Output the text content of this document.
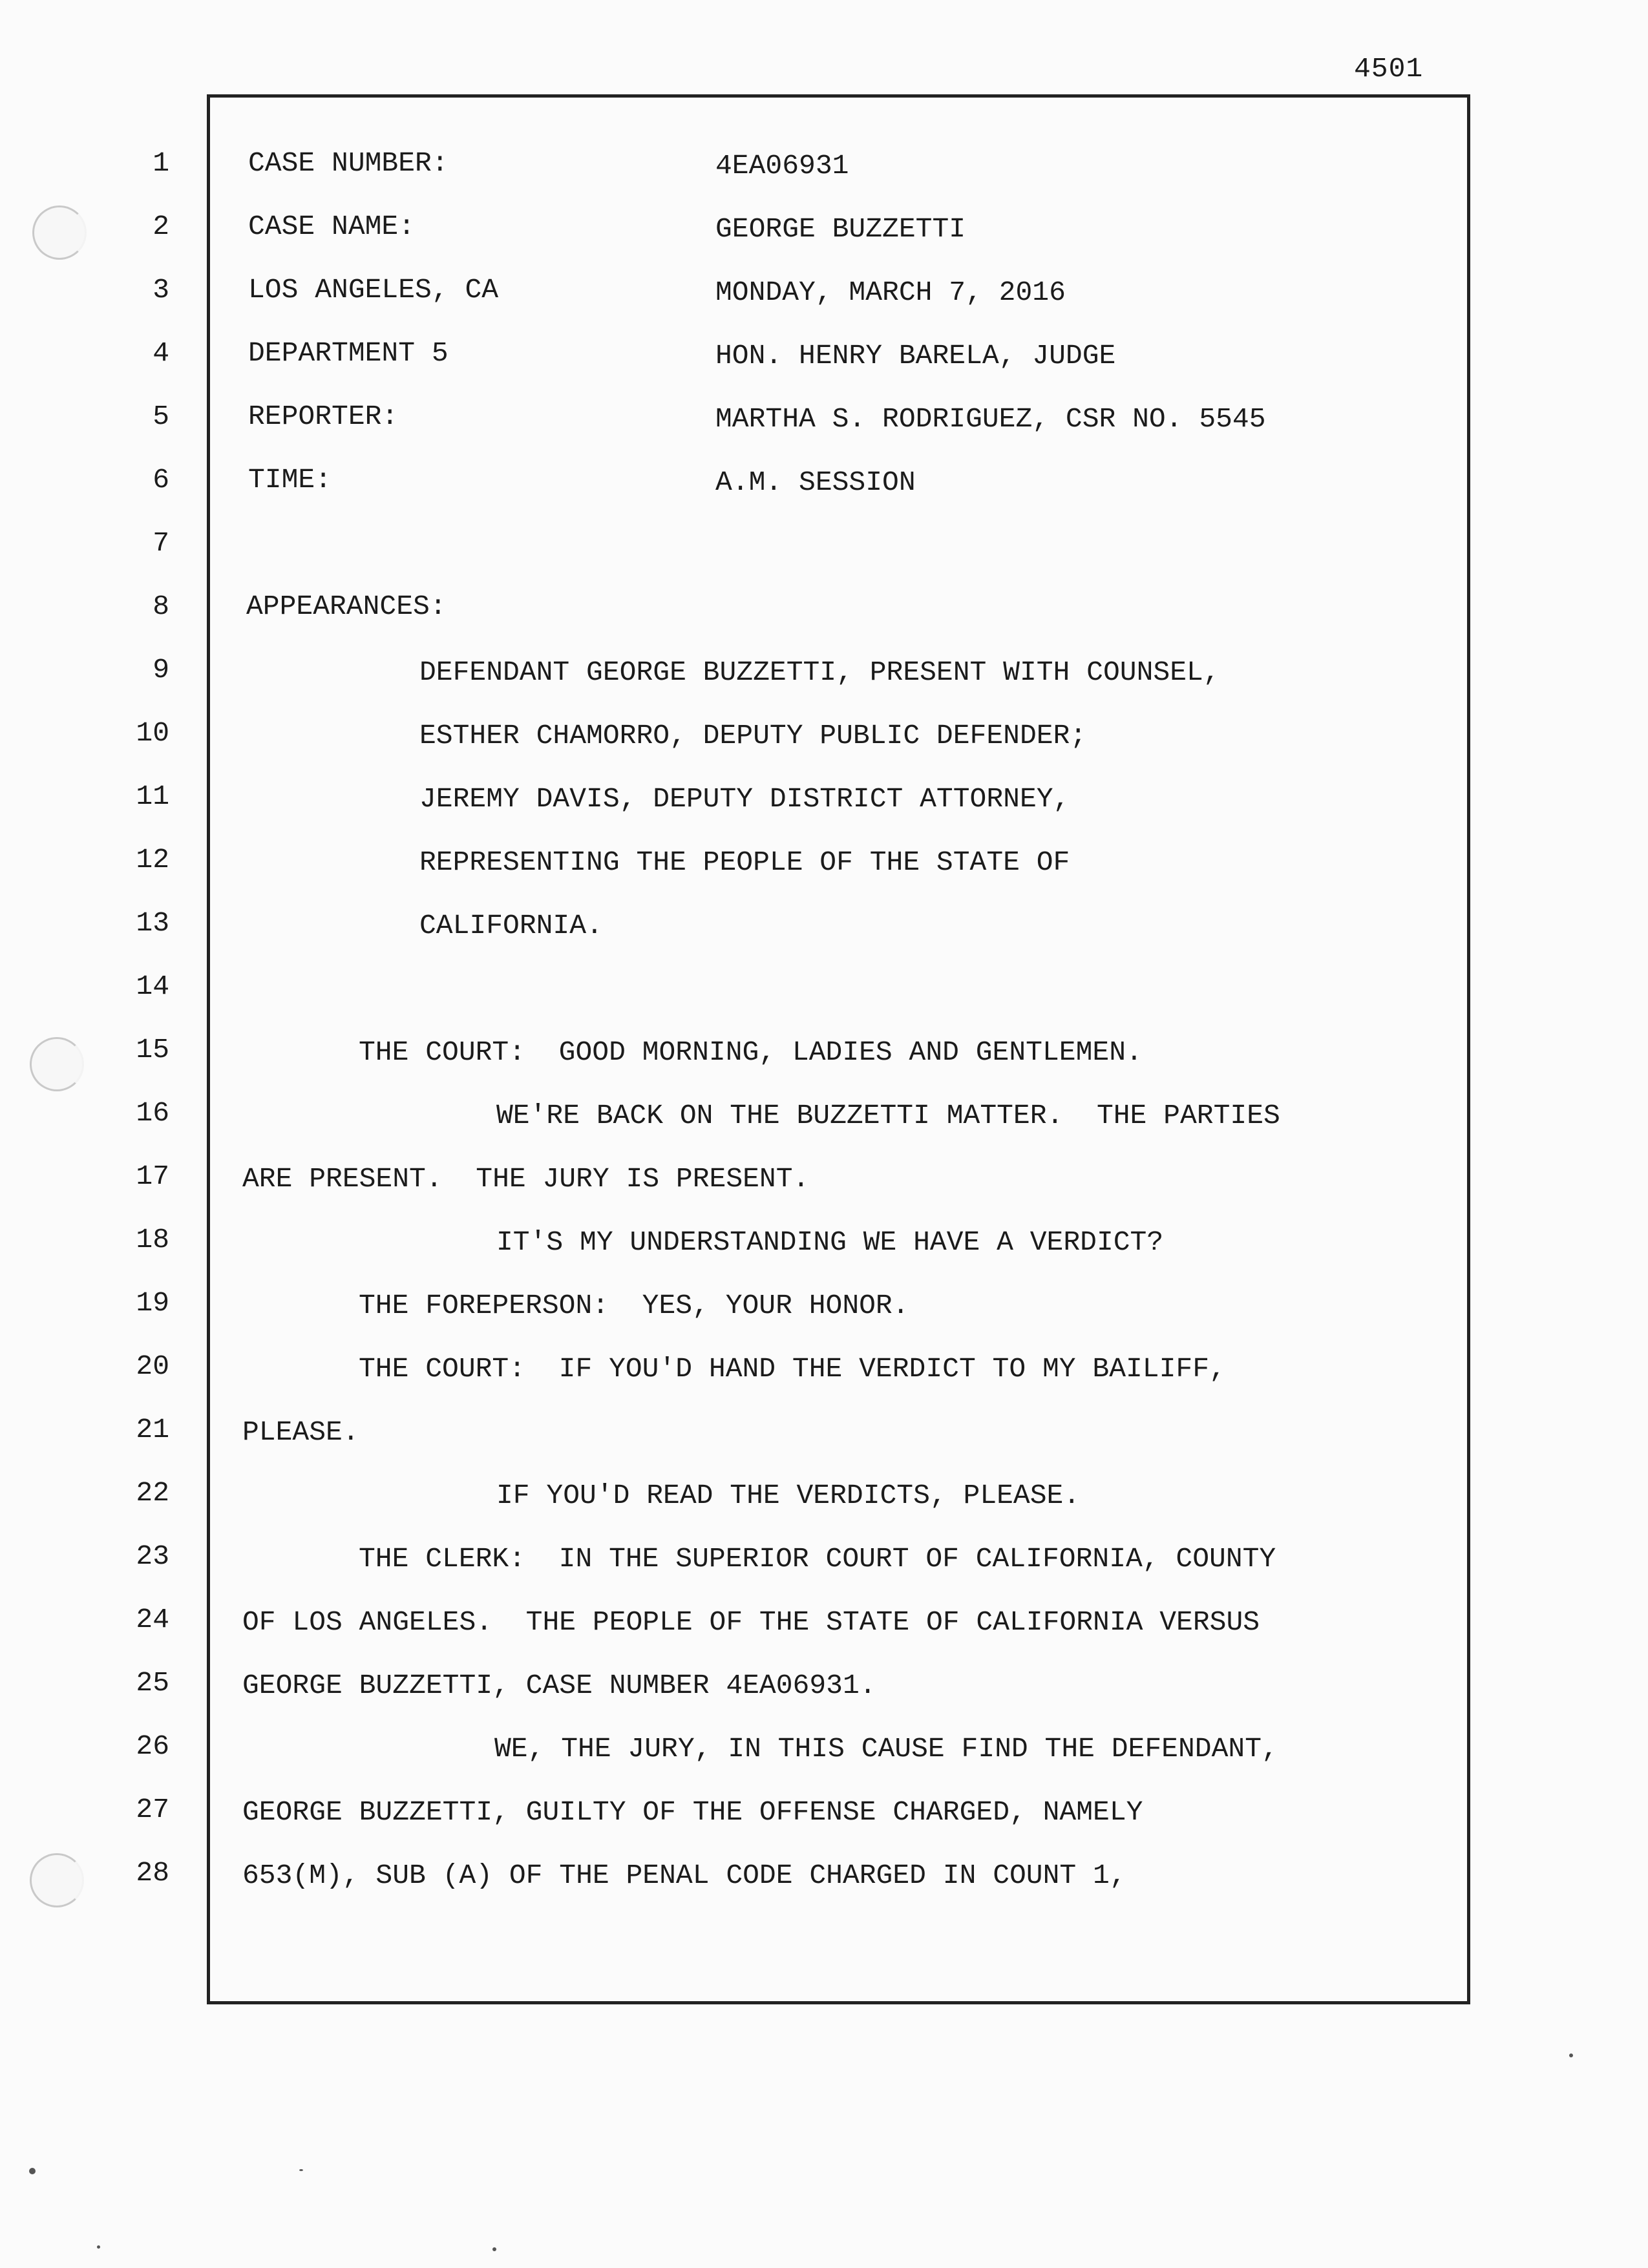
4501
1
2
3
4
5
6
7
8
9
10
11
12
13
14
15
16
17
18
19
20
21
22
23
24
25
26
27
28
CASE NUMBER:	4EA06931
CASE NAME:	GEORGE BUZZETTI
LOS ANGELES, CA	MONDAY, MARCH 7, 2016
DEPARTMENT 5	HON. HENRY BARELA, JUDGE
REPORTER:	MARTHA S. RODRIGUEZ, CSR NO. 5545
TIME:	A.M. SESSION
APPEARANCES:
DEFENDANT GEORGE BUZZETTI, PRESENT WITH COUNSEL,
ESTHER CHAMORRO, DEPUTY PUBLIC DEFENDER;
JEREMY DAVIS, DEPUTY DISTRICT ATTORNEY,
REPRESENTING THE PEOPLE OF THE STATE OF
CALIFORNIA.
THE COURT:  GOOD MORNING, LADIES AND GENTLEMEN.
WE'RE BACK ON THE BUZZETTI MATTER.  THE PARTIES
ARE PRESENT.  THE JURY IS PRESENT.
IT'S MY UNDERSTANDING WE HAVE A VERDICT?
THE FOREPERSON:  YES, YOUR HONOR.
THE COURT:  IF YOU'D HAND THE VERDICT TO MY BAILIFF,
PLEASE.
IF YOU'D READ THE VERDICTS, PLEASE.
THE CLERK:  IN THE SUPERIOR COURT OF CALIFORNIA, COUNTY
OF LOS ANGELES.  THE PEOPLE OF THE STATE OF CALIFORNIA VERSUS
GEORGE BUZZETTI, CASE NUMBER 4EA06931.
WE, THE JURY, IN THIS CAUSE FIND THE DEFENDANT,
GEORGE BUZZETTI, GUILTY OF THE OFFENSE CHARGED, NAMELY
653(M), SUB (A) OF THE PENAL CODE CHARGED IN COUNT 1,
